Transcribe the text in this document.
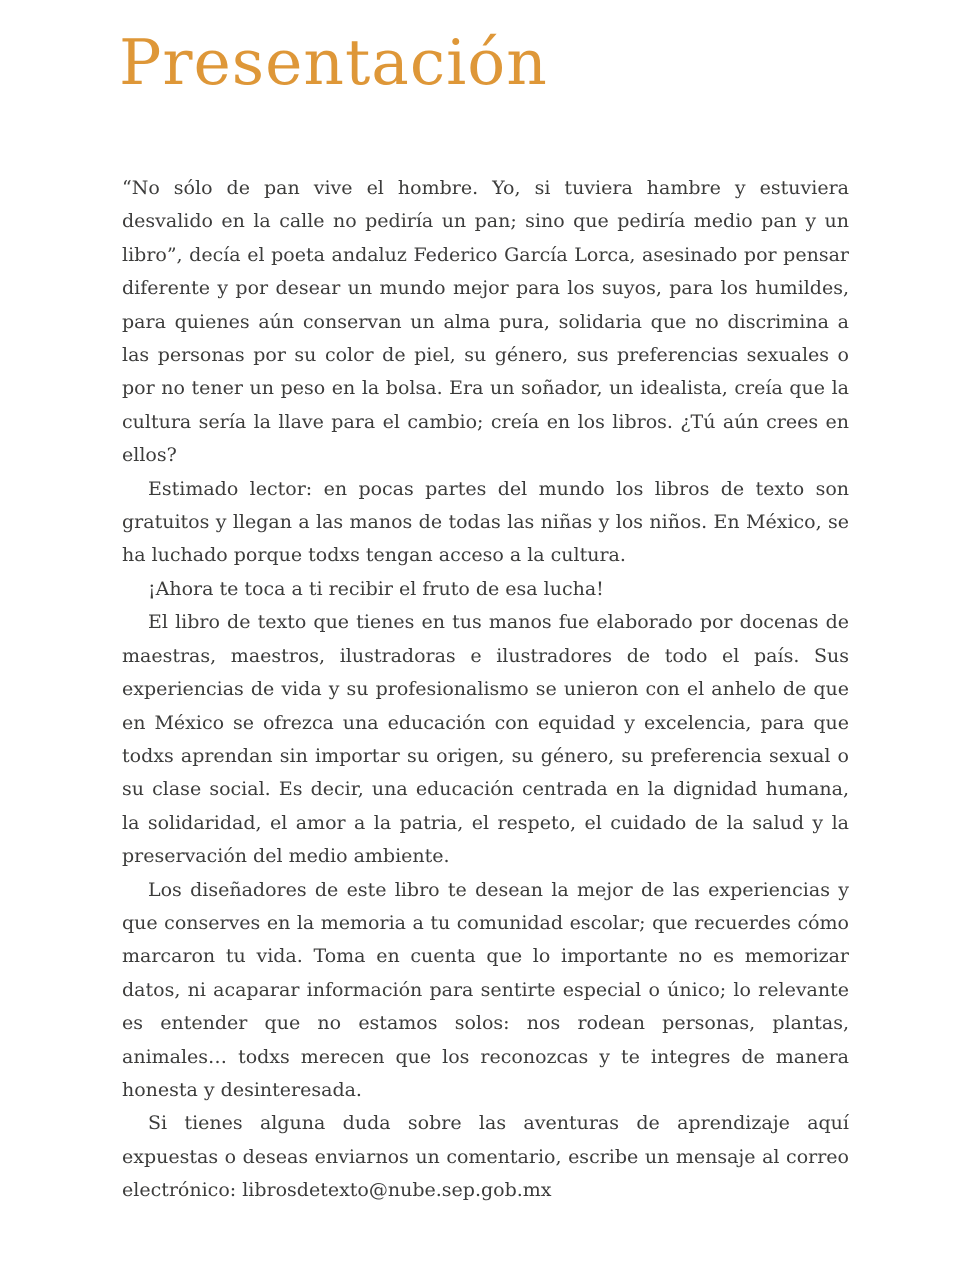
Presentación

“No sólo de pan vive el hombre. Yo, si tuviera hambre y estuviera desvalido en la calle no pediría un pan; sino que pediría medio pan y un libro”, decía el poeta andaluz Federico García Lorca, asesinado por pensar diferente y por desear un mundo mejor para los suyos, para los humildes, para quienes aún conservan un alma pura, solidaria que no discrimina a las personas por su color de piel, su género, sus preferencias sexuales o por no tener un peso en la bolsa. Era un soñador, un idealista, creía que la cultura sería la llave para el cambio; creía en los libros. ¿Tú aún crees en ellos?

Estimado lector: en pocas partes del mundo los libros de texto son gratuitos y llegan a las manos de todas las niñas y los niños. En México, se ha luchado porque todxs tengan acceso a la cultura.

¡Ahora te toca a ti recibir el fruto de esa lucha!

El libro de texto que tienes en tus manos fue elaborado por docenas de maestras, maestros, ilustradoras e ilustradores de todo el país. Sus experiencias de vida y su profesionalismo se unieron con el anhelo de que en México se ofrezca una educación con equidad y excelencia, para que todxs aprendan sin importar su origen, su género, su preferencia sexual o su clase social. Es decir, una educación centrada en la dignidad humana, la solidaridad, el amor a la patria, el respeto, el cuidado de la salud y la preservación del medio ambiente.

Los diseñadores de este libro te desean la mejor de las experiencias y que conserves en la memoria a tu comunidad escolar; que recuerdes cómo marcaron tu vida. Toma en cuenta que lo importante no es memorizar datos, ni acaparar información para sentirte especial o único; lo relevante es entender que no estamos solos: nos rodean personas, plantas, animales… todxs merecen que los reconozcas y te integres de manera honesta y desinteresada.

Si tienes alguna duda sobre las aventuras de aprendizaje aquí expuestas o deseas enviarnos un comentario, escribe un mensaje al correo electrónico: librosdetexto@nube.sep.gob.mx
